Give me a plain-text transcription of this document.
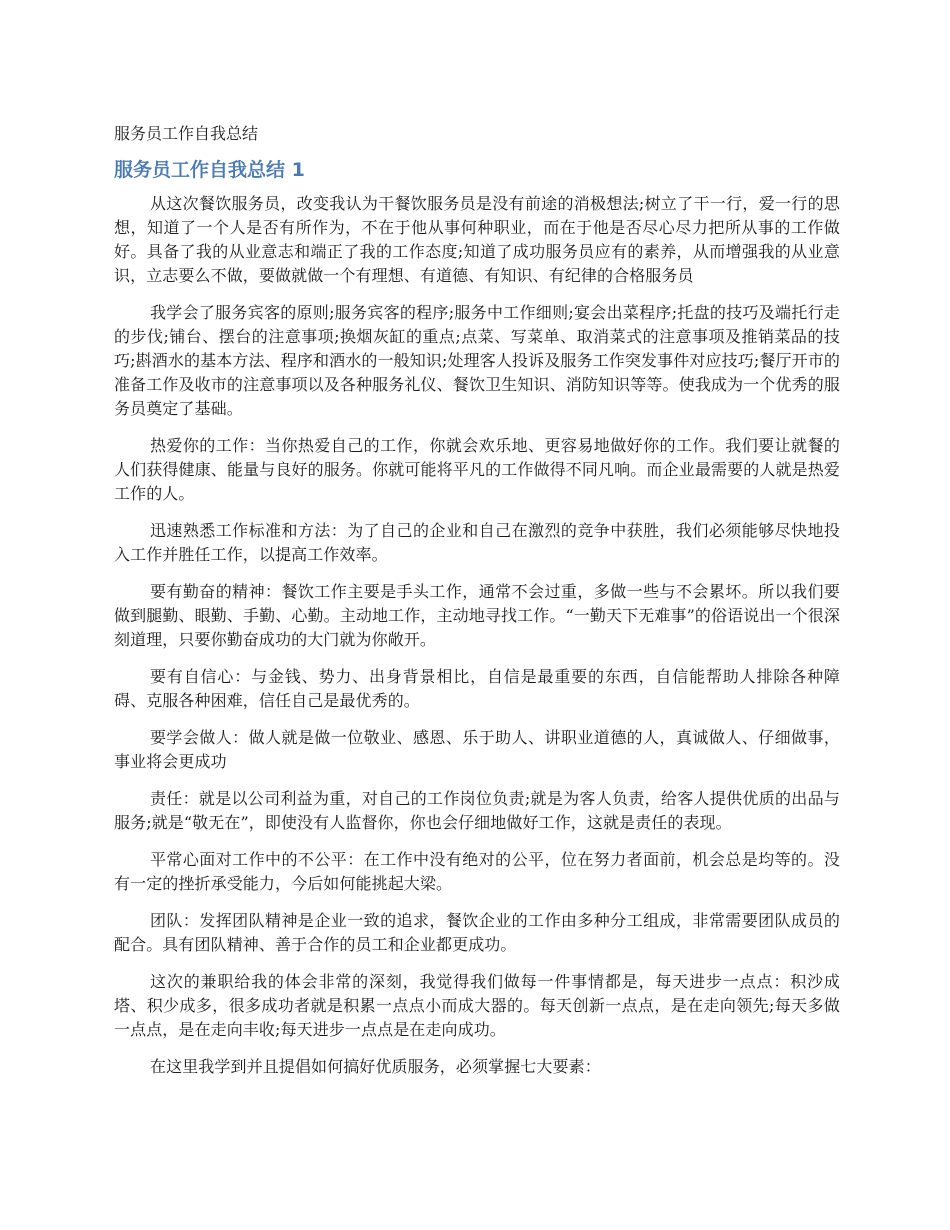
服务员工作自我总结
服务员工作自我总结 1

从这次餐饮服务员，改变我认为干餐饮服务员是没有前途的消极想法;树立了干一行，爱一行的思想，知道了一个人是否有所作为，不在于他从事何种职业，而在于他是否尽心尽力把所从事的工作做好。具备了我的从业意志和端正了我的工作态度;知道了成功服务员应有的素养，从而增强我的从业意识，立志要么不做，要做就做一个有理想、有道德、有知识、有纪律的合格服务员

我学会了服务宾客的原则;服务宾客的程序;服务中工作细则;宴会出菜程序;托盘的技巧及端托行走的步伐;铺台、摆台的注意事项;换烟灰缸的重点;点菜、写菜单、取消菜式的注意事项及推销菜品的技巧;斟酒水的基本方法、程序和酒水的一般知识;处理客人投诉及服务工作突发事件对应技巧;餐厅开市的准备工作及收市的注意事项以及各种服务礼仪、餐饮卫生知识、消防知识等等。使我成为一个优秀的服务员奠定了基础。

热爱你的工作：当你热爱自己的工作，你就会欢乐地、更容易地做好你的工作。我们要让就餐的人们获得健康、能量与良好的服务。你就可能将平凡的工作做得不同凡响。而企业最需要的人就是热爱工作的人。

迅速熟悉工作标准和方法：为了自己的企业和自己在激烈的竞争中获胜，我们必须能够尽快地投入工作并胜任工作，以提高工作效率。

要有勤奋的精神：餐饮工作主要是手头工作，通常不会过重，多做一些与不会累坏。所以我们要做到腿勤、眼勤、手勤、心勤。主动地工作，主动地寻找工作。“一勤天下无难事”的俗语说出一个很深刻道理，只要你勤奋成功的大门就为你敞开。

要有自信心：与金钱、势力、出身背景相比，自信是最重要的东西，自信能帮助人排除各种障碍、克服各种困难，信任自己是最优秀的。

要学会做人：做人就是做一位敬业、感恩、乐于助人、讲职业道德的人，真诚做人、仔细做事，事业将会更成功

责任：就是以公司利益为重，对自己的工作岗位负责;就是为客人负责，给客人提供优质的出品与服务;就是“敬无在”，即使没有人监督你，你也会仔细地做好工作，这就是责任的表现。

平常心面对工作中的不公平：在工作中没有绝对的公平，位在努力者面前，机会总是均等的。没有一定的挫折承受能力，今后如何能挑起大梁。

团队：发挥团队精神是企业一致的追求，餐饮企业的工作由多种分工组成，非常需要团队成员的配合。具有团队精神、善于合作的员工和企业都更成功。

这次的兼职给我的体会非常的深刻，我觉得我们做每一件事情都是，每天进步一点点：积沙成塔、积少成多，很多成功者就是积累一点点小而成大器的。每天创新一点点，是在走向领先;每天多做一点点，是在走向丰收;每天进步一点点是在走向成功。

在这里我学到并且提倡如何搞好优质服务，必须掌握七大要素：
